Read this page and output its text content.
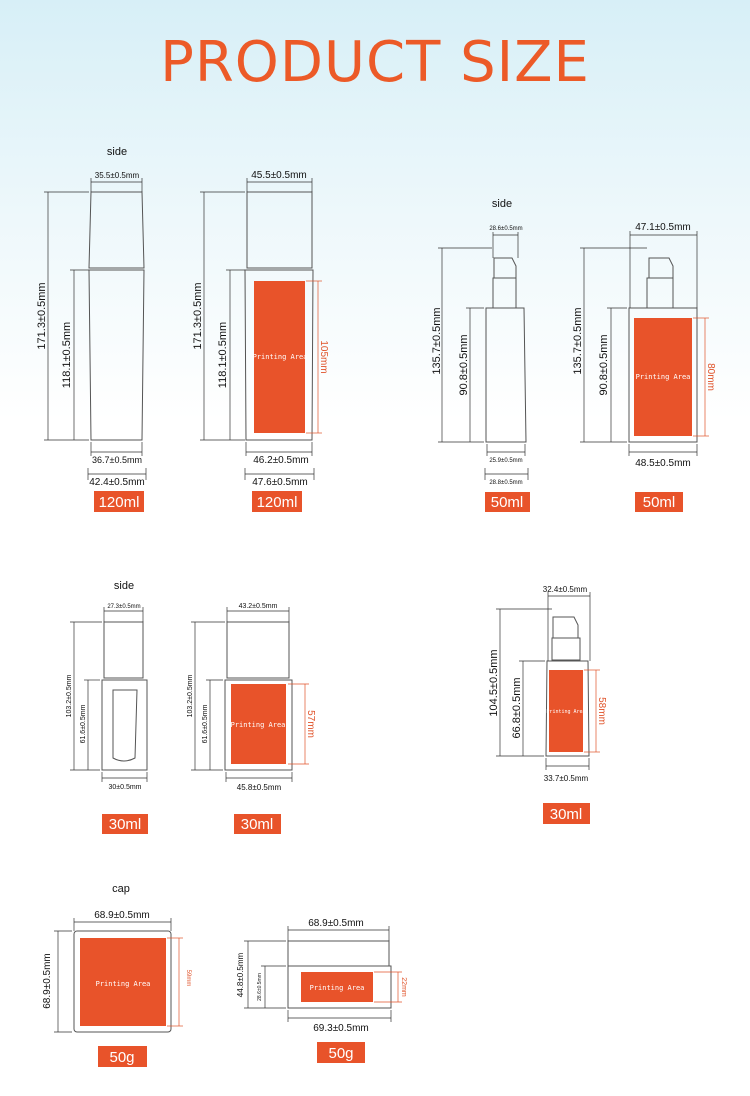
PRODUCT SIZE
side
35.5±0.5mm
171.3±0.5mm
118.1±0.5mm
36.7±0.5mm
42.4±0.5mm
120ml
Printing Area
45.5±0.5mm
171.3±0.5mm
118.1±0.5mm	105mm
46.2±0.5mm
47.6±0.5mm
120ml
side
28.6±0.5mm
135.7±0.5mm 90.8±0.5mm
25.9±0.5mm
28.8±0.5mm
50ml
Printing Area
47.1±0.5mm
135.7±0.5mm 90.8±0.5mm	80mm
48.5±0.5mm
50ml
side
27.3±0.5mm
103.2±0.5mm
61.6±0.5mm
30±0.5mm
30ml
Printing Area
43.2±0.5mm
103.2±0.5mm
61.6±0.5mm	57mm
45.8±0.5mm
30ml
Printing Area
32.4±0.5mm
104.5±0.5mm 66.8±0.5mm	58mm
33.7±0.5mm
30ml
cap
Printing Area
68.9±0.5mm
68.9±0.5mm	59mm
50g
Printing Area
68.9±0.5mm
44.8±0.5mm 28.6±0.5mm	22mm
69.3±0.5mm
50g
